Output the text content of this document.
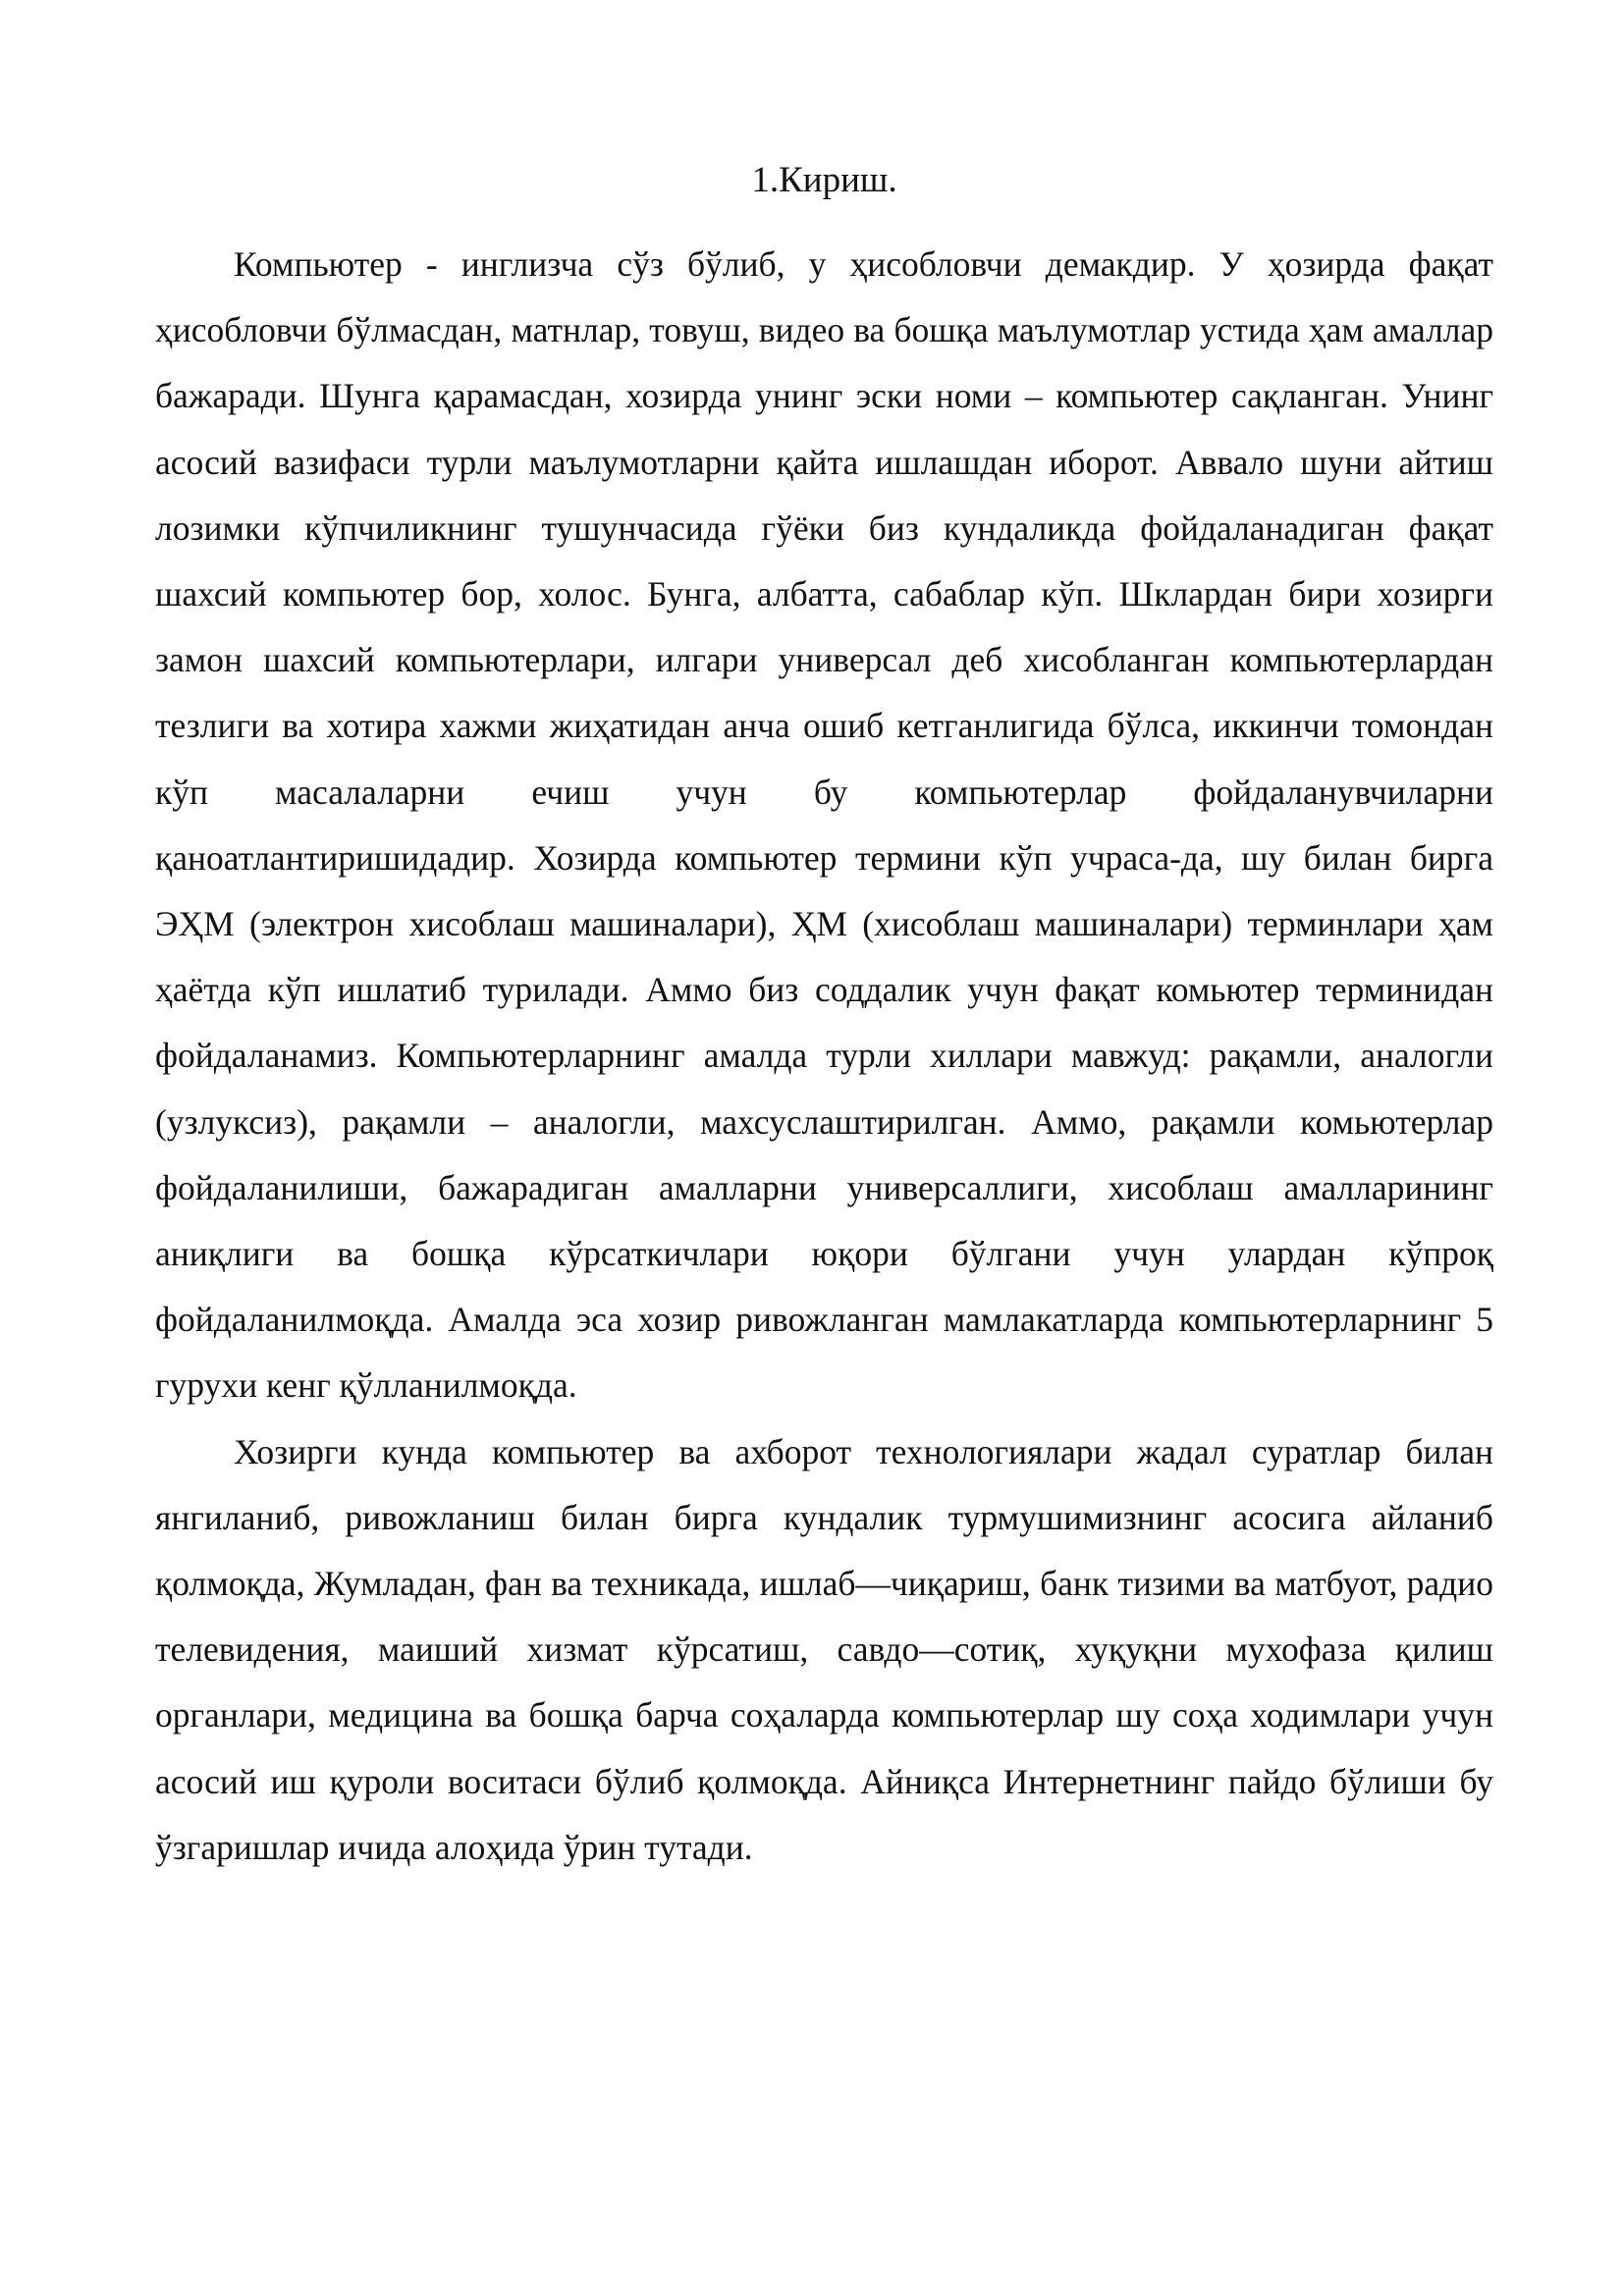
1.Кириш.

Компьютер - инглизча сўз бўлиб, у ҳисобловчи демакдир. У ҳозирда фақат ҳисобловчи бўлмасдан, матнлар, товуш, видео ва бошқа маълумотлар устида ҳам амаллар бажаради. Шунга қарамасдан, хозирда унинг эски номи – компьютер сақланган. Унинг асосий вазифаси турли маълумотларни қайта ишлашдан иборот. Аввало шуни айтиш лозимки кўпчиликнинг тушунчасида гўёки биз кундаликда фойдаланадиган фақат шахсий компьютер бор, холос. Бунга, албатта, сабаблар кўп. Шклардан бири хозирги замон шахсий компьютерлари, илгари универсал деб хисобланган компьютерлардан тезлиги ва хотира хажми жиҳатидан анча ошиб кетганлигида бўлса, иккинчи томондан кўп масалаларни ечиш учун бу компьютерлар фойдаланувчиларни қаноатлантиришидадир. Хозирда компьютер термини кўп учраса-да, шу билан бирга ЭҲМ (электрон хисоблаш машиналари), ҲМ (хисоблаш машиналари) терминлари ҳам ҳаётда кўп ишлатиб турилади. Аммо биз соддалик учун фақат комьютер терминидан фойдаланамиз. Компьютерларнинг амалда турли хиллари мавжуд: рақамли, аналогли (узлуксиз), рақамли – аналогли, махсуслаштирилган. Аммо, рақамли комьютерлар фойдаланилиши, бажарадиган амалларни универсаллиги, хисоблаш амалларининг аниқлиги ва бошқа кўрсаткичлари юқори бўлгани учун улардан кўпроқ фойдаланилмоқда. Амалда эса хозир ривожланган мамлакатларда компьютерларнинг 5 гурухи кенг қўлланилмоқда.

Хозирги кунда компьютер ва ахборот технологиялари жадал суратлар билан янгиланиб, ривожланиш билан бирга кундалик турмушимизнинг асосига айланиб қолмоқда, Жумладан, фан ва техникада, ишлаб—чиқариш, банк тизими ва матбуот, радио телевидения, маиший хизмат кўрсатиш, савдо—сотиқ, хуқуқни мухофаза қилиш органлари, медицина ва бошқа барча соҳаларда компьютерлар шу соҳа ходимлари учун асосий иш қуроли воситаси бўлиб қолмоқда. Айниқса Интернетнинг пайдо бўлиши бу ўзгаришлар ичида алоҳида ўрин тутади.
